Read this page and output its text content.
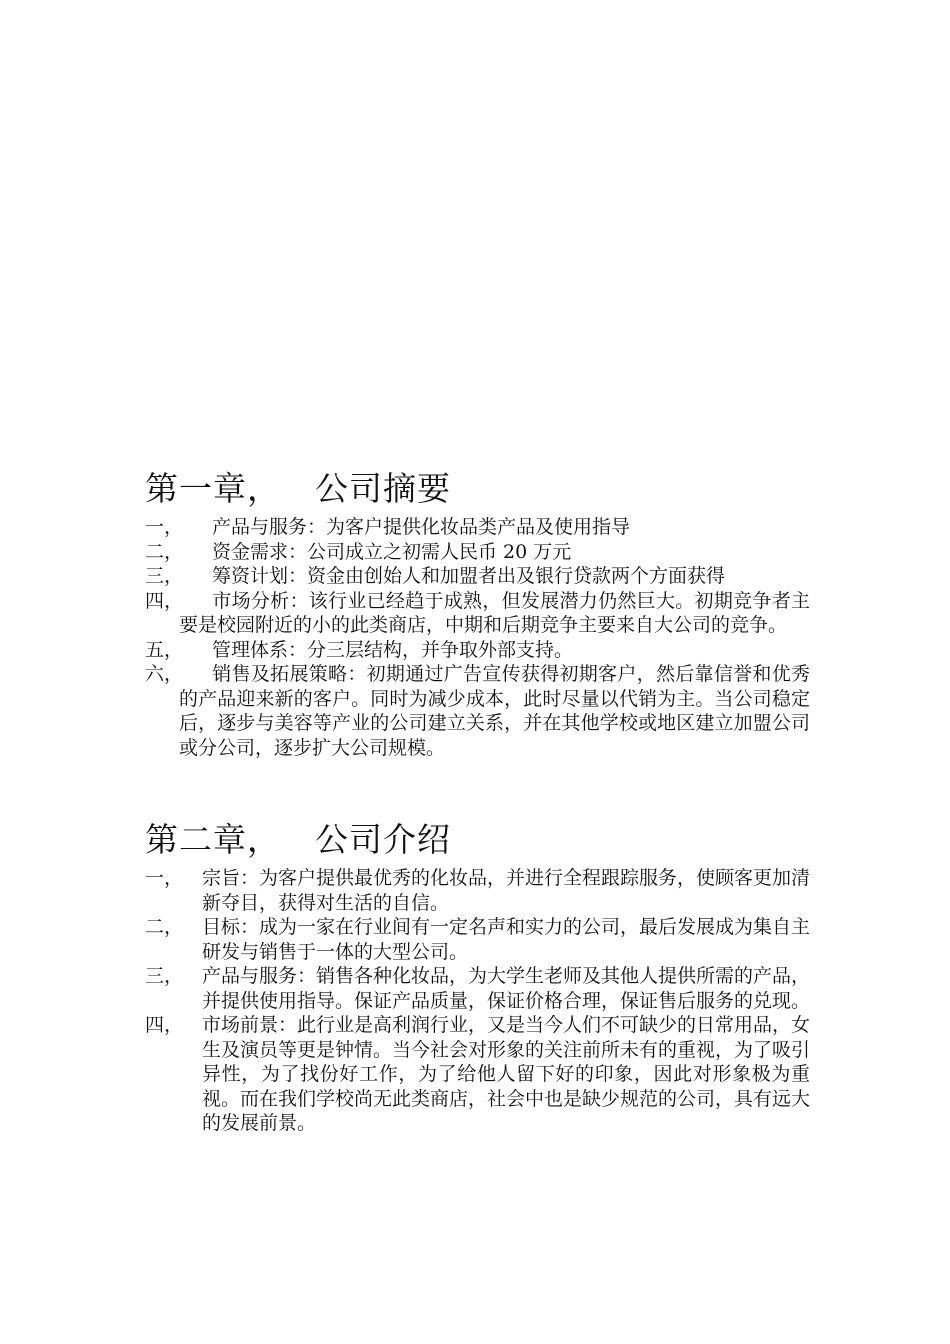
第一章， 公司摘要

一， 产品与服务：为客户提供化妆品类产品及使用指导

二， 资金需求：公司成立之初需人民币 20 万元

三， 筹资计划：资金由创始人和加盟者出及银行贷款两个方面获得

四， 市场分析：该行业已经趋于成熟，但发展潜力仍然巨大。初期竞争者主要是校园附近的小的此类商店，中期和后期竞争主要来自大公司的竞争。

五， 管理体系：分三层结构，并争取外部支持。

六， 销售及拓展策略：初期通过广告宣传获得初期客户，然后靠信誉和优秀的产品迎来新的客户。同时为减少成本，此时尽量以代销为主。当公司稳定后，逐步与美容等产业的公司建立关系，并在其他学校或地区建立加盟公司或分公司，逐步扩大公司规模。

第二章， 公司介绍
一， 宗旨：为客户提供最优秀的化妆品，并进行全程跟踪服务，使顾客更加清新夺目，获得对生活的自信。
二， 目标：成为一家在行业间有一定名声和实力的公司，最后发展成为集自主研发与销售于一体的大型公司。
三， 产品与服务：销售各种化妆品，为大学生老师及其他人提供所需的产品，并提供使用指导。保证产品质量，保证价格合理，保证售后服务的兑现。
四， 市场前景：此行业是高利润行业，又是当今人们不可缺少的日常用品，女生及演员等更是钟情。当今社会对形象的关注前所未有的重视，为了吸引异性，为了找份好工作，为了给他人留下好的印象，因此对形象极为重视。而在我们学校尚无此类商店，社会中也是缺少规范的公司，具有远大的发展前景。
